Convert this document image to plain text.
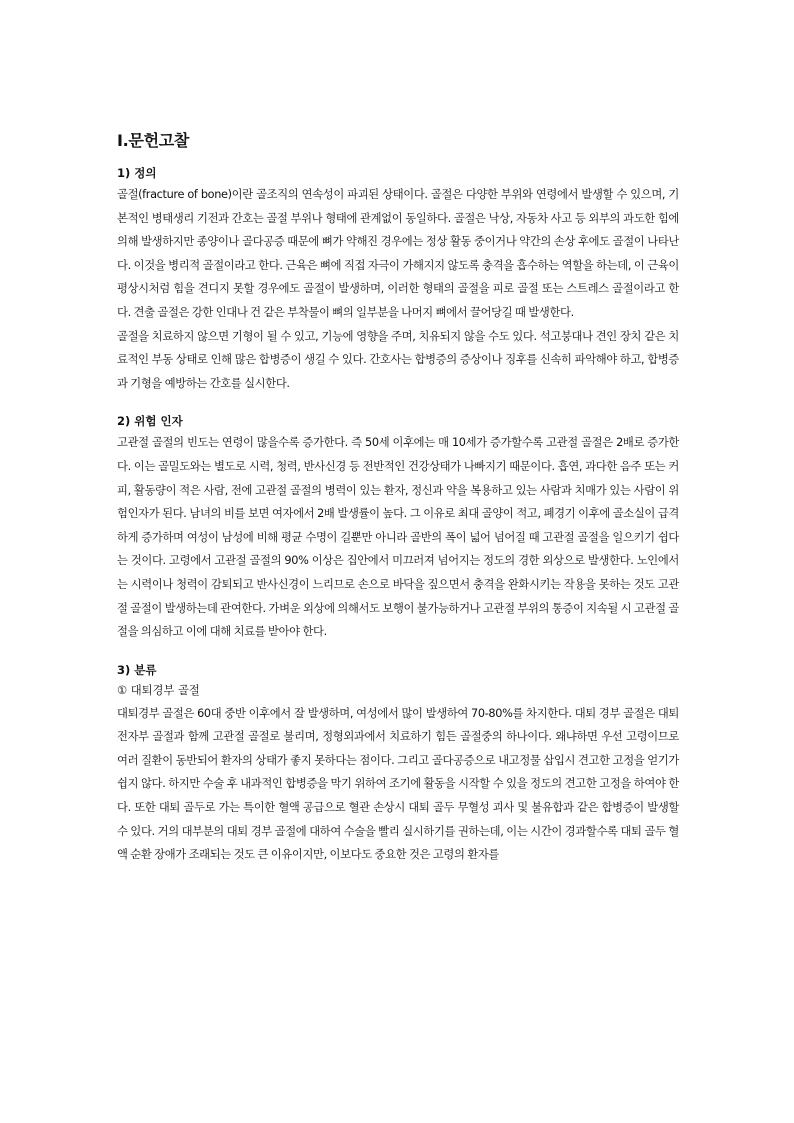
Ⅰ.문헌고찰

1) 정의

골절(fracture of bone)이란 골조직의 연속성이 파괴된 상태이다. 골절은 다양한 부위와 연령에서 발생할 수 있으며, 기본적인 병태생리 기전과 간호는 골절 부위나 형태에 관계없이 동일하다. 골절은 낙상, 자동차 사고 등 외부의 과도한 힘에 의해 발생하지만 종양이나 골다공증 때문에 뼈가 약해진 경우에는 정상 활동 중이거나 약간의 손상 후에도 골절이 나타난다. 이것을 병리적 골절이라고 한다. 근육은 뼈에 직접 자극이 가해지지 않도록 충격을 흡수하는 역할을 하는데, 이 근육이 평상시처럼 힘을 견디지 못할 경우에도 골절이 발생하며, 이러한 형태의 골절을 피로 골절 또는 스트레스 골절이라고 한다. 견출 골절은 강한 인대나 건 같은 부착물이 뼈의 일부분을 나머지 뼈에서 끌어당길 때 발생한다.

골절을 치료하지 않으면 기형이 될 수 있고, 기능에 영향을 주며, 치유되지 않을 수도 있다. 석고붕대나 견인 장치 같은 치료적인 부동 상태로 인해 많은 합병증이 생길 수 있다. 간호사는 합병증의 증상이나 징후를 신속히 파악해야 하고, 합병증과 기형을 예방하는 간호를 실시한다.

2) 위험 인자

고관절 골절의 빈도는 연령이 많을수록 증가한다. 즉 50세 이후에는 매 10세가 증가할수록 고관절 골절은 2배로 증가한다. 이는 골밀도와는 별도로 시력, 청력, 반사신경 등 전반적인 건강상태가 나빠지기 때문이다. 흡연, 과다한 음주 또는 커피, 활동량이 적은 사람, 전에 고관절 골절의 병력이 있는 환자, 정신과 약을 복용하고 있는 사람과 치매가 있는 사람이 위험인자가 된다. 남녀의 비를 보면 여자에서 2배 발생률이 높다. 그 이유로 최대 골양이 적고, 폐경기 이후에 골소실이 급격하게 증가하며 여성이 남성에 비해 평균 수명이 길뿐만 아니라 골반의 폭이 넓어 넘어질 때 고관절 골절을 일으키기 쉽다는 것이다. 고령에서 고관절 골절의 90% 이상은 집안에서 미끄러져 넘어지는 정도의 경한 외상으로 발생한다. 노인에서는 시력이나 청력이 감퇴되고 반사신경이 느리므로 손으로 바닥을 짚으면서 충격을 완화시키는 작용을 못하는 것도 고관절 골절이 발생하는데 관여한다. 가벼운 외상에 의해서도 보행이 불가능하거나 고관절 부위의 통증이 지속될 시 고관절 골절을 의심하고 이에 대해 치료를 받아야 한다.

3) 분류

① 대퇴경부 골절

대퇴경부 골절은 60대 중반 이후에서 잘 발생하며, 여성에서 많이 발생하여 70-80%를 차지한다. 대퇴 경부 골절은 대퇴 전자부 골절과 함께 고관절 골절로 불리며, 정형외과에서 치료하기 힘든 골절중의 하나이다. 왜냐하면 우선 고령이므로 여러 질환이 동반되어 환자의 상태가 좋지 못하다는 점이다. 그리고 골다공증으로 내고정물 삽입시 견고한 고정을 얻기가 쉽지 않다. 하지만 수술 후 내과적인 합병증을 막기 위하여 조기에 활동을 시작할 수 있을 정도의 견고한 고정을 하여야 한다. 또한 대퇴 골두로 가는 특이한 혈액 공급으로 혈관 손상시 대퇴 골두 무혈성 괴사 및 불유합과 같은 합병증이 발생할 수 있다. 거의 대부분의 대퇴 경부 골절에 대하여 수술을 빨리 실시하기를 권하는데, 이는 시간이 경과할수록 대퇴 골두 혈액 순환 장애가 조래되는 것도 큰 이유이지만, 이보다도 중요한 것은 고령의 환자를
